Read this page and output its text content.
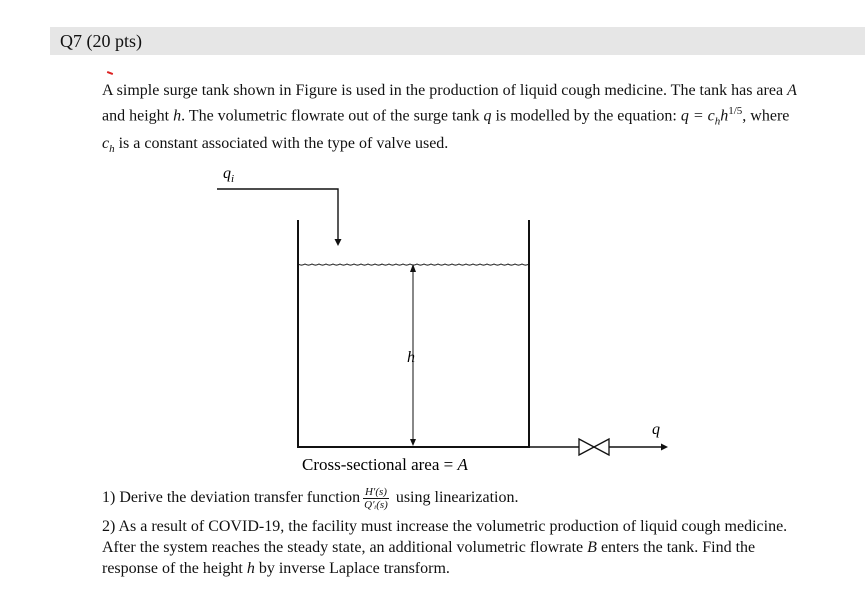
Q7 (20 pts)

A simple surge tank shown in Figure is used in the production of liquid cough medicine. The tank has area A and height h. The volumetric flowrate out of the surge tank q is modelled by the equation: $q = c_hh^{1/5}$, where $c_h$ is a constant associated with the type of valve used.

$q_i$
h
q
Cross-sectional area = A

1) Derive the deviation transfer function $\frac{H'(s)}{\text{Q′ᵢ(s)}}$ using linearization.

2) As a result of COVID-19, the facility must increase the volumetric production of liquid cough medicine. After the system reaches the steady state, an additional volumetric flowrate B enters the tank. Find the response of the height h by inverse Laplace transform.
